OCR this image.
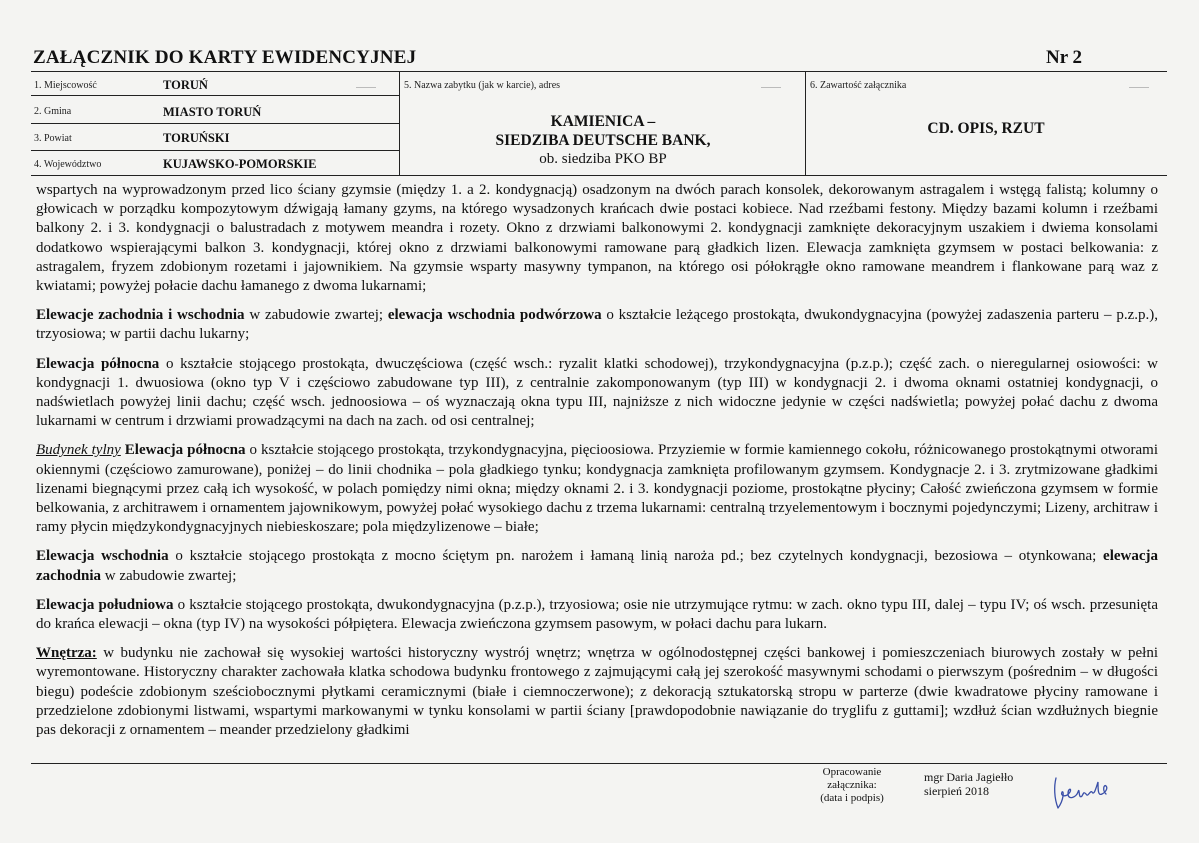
ZAŁĄCZNIK DO KARTY EWIDENCYJNEJ	Nr 2
1. Miejscowość	TORUŃ
2. Gmina	MIASTO TORUŃ
3. Powiat	TORUŃSKI
4. Województwo	KUJAWSKO-POMORSKIE
5. Nazwa zabytku (jak w karcie), adres
KAMIENICA –
SIEDZIBA DEUTSCHE BANK,
ob. siedziba PKO BP
6. Zawartość załącznika
CD. OPIS, RZUT

wspartych na wyprowadzonym przed lico ściany gzymsie (między 1. a 2. kondygnacją) osadzonym na dwóch parach konsolek, dekorowanym astragalem i wstęgą falistą; kolumny o głowicach w porządku kompozytowym dźwigają łamany gzyms, na którego wysadzonych krańcach dwie postaci kobiece. Nad rzeźbami festony. Między bazami kolumn i rzeźbami balkony 2. i 3. kondygnacji o balustradach z motywem meandra i rozety. Okno z drzwiami balkonowymi 2. kondygnacji zamknięte dekoracyjnym uszakiem i dwiema konsolami dodatkowo wspierającymi balkon 3. kondygnacji, której okno z drzwiami balkonowymi ramowane parą gładkich lizen. Elewacja zamknięta gzymsem w postaci belkowania: z astragalem, fryzem zdobionym rozetami i jajownikiem. Na gzymsie wsparty masywny tympanon, na którego osi półokrągłe okno ramowane meandrem i flankowane parą waz z kwiatami; powyżej połacie dachu łamanego z dwoma lukarnami;

Elewacje zachodnia i wschodnia w zabudowie zwartej; elewacja wschodnia podwórzowa o kształcie leżącego prostokąta, dwukondygnacyjna (powyżej zadaszenia parteru – p.z.p.), trzyosiowa; w partii dachu lukarny;

Elewacja północna o kształcie stojącego prostokąta, dwuczęściowa (część wsch.: ryzalit klatki schodowej), trzykondygnacyjna (p.z.p.); część zach. o nieregularnej osiowości: w kondygnacji 1. dwuosiowa (okno typ V i częściowo zabudowane typ III), z centralnie zakomponowanym (typ III) w kondygnacji 2. i dwoma oknami ostatniej kondygnacji, o nadświetlach powyżej linii dachu; część wsch. jednoosiowa – oś wyznaczają okna typu III, najniższe z nich widoczne jedynie w części nadświetla; powyżej połać dachu z dwoma lukarnami w centrum i drzwiami prowadzącymi na dach na zach. od osi centralnej;

Budynek tylny Elewacja północna o kształcie stojącego prostokąta, trzykondygnacyjna, pięcioosiowa. Przyziemie w formie kamiennego cokołu, różnicowanego prostokątnymi otworami okiennymi (częściowo zamurowane), poniżej – do linii chodnika – pola gładkiego tynku; kondygnacja zamknięta profilowanym gzymsem. Kondygnacje 2. i 3. zrytmizowane gładkimi lizenami biegnącymi przez całą ich wysokość, w polach pomiędzy nimi okna; między oknami 2. i 3. kondygnacji poziome, prostokątne płyciny; Całość zwieńczona gzymsem w formie belkowania, z architrawem i ornamentem jajownikowym, powyżej połać wysokiego dachu z trzema lukarnami: centralną trzyelementowym i bocznymi pojedynczymi; Lizeny, architraw i ramy płycin międzykondygnacyjnych niebieskoszare; pola międzylizenowe – białe;

Elewacja wschodnia o kształcie stojącego prostokąta z mocno ściętym pn. narożem i łamaną linią naroża pd.; bez czytelnych kondygnacji, bezosiowa – otynkowana; elewacja zachodnia w zabudowie zwartej;

Elewacja południowa o kształcie stojącego prostokąta, dwukondygnacyjna (p.z.p.), trzyosiowa; osie nie utrzymujące rytmu: w zach. okno typu III, dalej – typu IV; oś wsch. przesunięta do krańca elewacji – okna (typ IV) na wysokości półpiętera. Elewacja zwieńczona gzymsem pasowym, w połaci dachu para lukarn.

Wnętrza: w budynku nie zachował się wysokiej wartości historyczny wystrój wnętrz; wnętrza w ogólnodostępnej części bankowej i pomieszczeniach biurowych zostały w pełni wyremontowane. Historyczny charakter zachowała klatka schodowa budynku frontowego z zajmującymi całą jej szerokość masywnymi schodami o pierwszym (pośrednim – w długości biegu) podeście zdobionym sześciobocznymi płytkami ceramicznymi (białe i ciemnoczerwone); z dekoracją sztukatorską stropu w parterze (dwie kwadratowe płyciny ramowane i przedzielone zdobionymi listwami, wspartymi markowanymi w tynku konsolami w partii ściany [prawdopodobnie nawiązanie do tryglifu z guttami]; wzdłuż ścian wzdłużnych biegnie pas dekoracji z ornamentem – meander przedzielony gładkimi

Opracowanie
załącznika:
(data i podpis)
mgr Daria Jagiełło
sierpień 2018
